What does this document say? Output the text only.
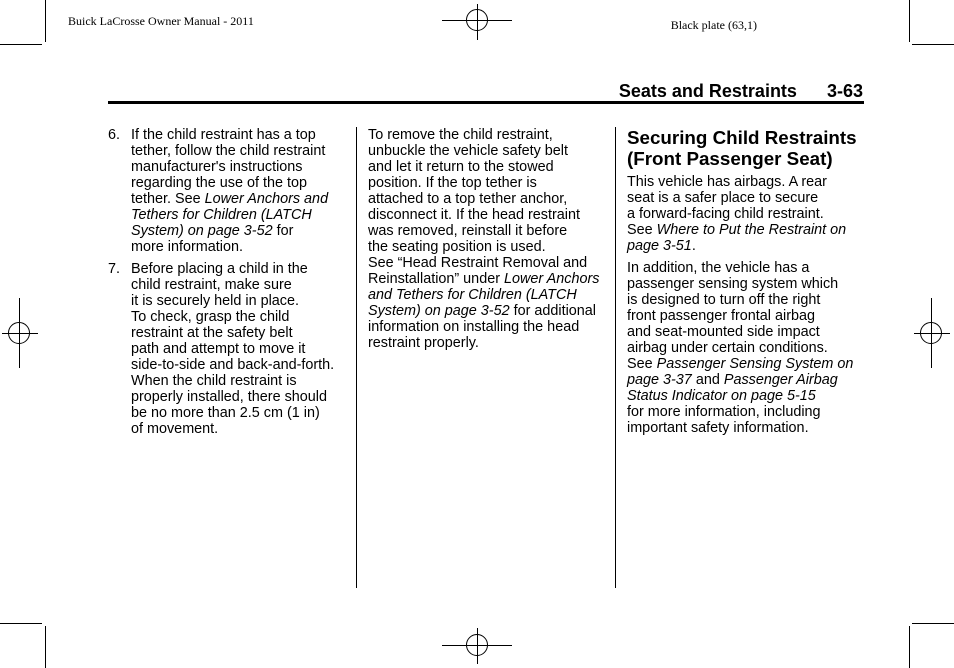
Buick LaCrosse Owner Manual - 2011	Black plate (63,1)
Seats and Restraints 3-63
6. If the child restraint has a top
tether, follow the child restraint
manufacturer's instructions
regarding the use of the top
tether. See Lower Anchors and
Tethers for Children (LATCH
System) on page 3-52 for
more information.
7. Before placing a child in the
child restraint, make sure
it is securely held in place.
To check, grasp the child
restraint at the safety belt
path and attempt to move it
side-to-side and back-and-forth.
When the child restraint is
properly installed, there should
be no more than 2.5 cm (1 in)
of movement.
To remove the child restraint,
unbuckle the vehicle safety belt
and let it return to the stowed
position. If the top tether is
attached to a top tether anchor,
disconnect it. If the head restraint
was removed, reinstall it before
the seating position is used.
See “Head Restraint Removal and
Reinstallation” under Lower Anchors
and Tethers for Children (LATCH
System) on page 3-52 for additional
information on installing the head
restraint properly.
Securing Child Restraints
(Front Passenger Seat)
This vehicle has airbags. A rear
seat is a safer place to secure
a forward-facing child restraint.
See Where to Put the Restraint on
page 3-51.
In addition, the vehicle has a
passenger sensing system which
is designed to turn off the right
front passenger frontal airbag
and seat-mounted side impact
airbag under certain conditions.
See Passenger Sensing System on
page 3-37 and Passenger Airbag
Status Indicator on page 5-15
for more information, including
important safety information.
